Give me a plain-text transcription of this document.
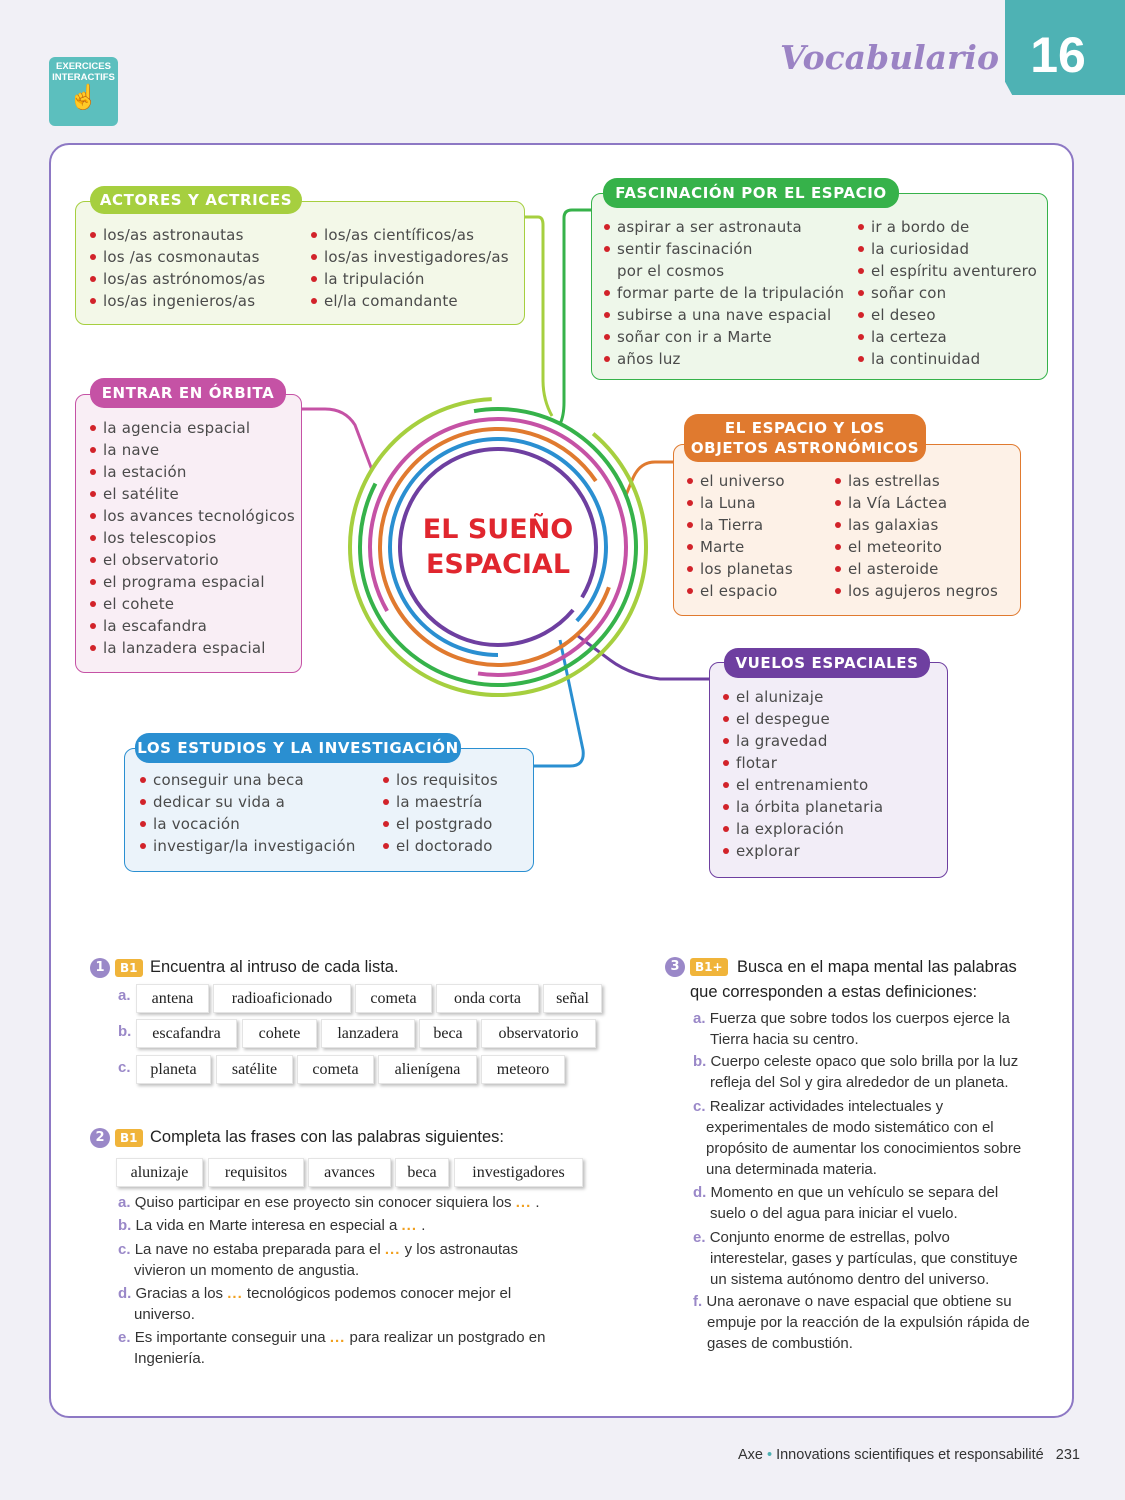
EXERCICES
INTERACTIFS
☝
Vocabulario 16
EL SUEÑO
ESPACIAL
ACTORES Y ACTRICES
los/as astronautas
los /as cosmonautas
los/as astrónomos/as
los/as ingenieros/as
los/as científicos/as
los/as investigadores/as
la tripulación
el/la comandante
FASCINACIÓN POR EL ESPACIO
aspirar a ser astronauta
sentir fascinación
por el cosmos
formar parte de la tripulación
subirse a una nave espacial
soñar con ir a Marte
años luz
ir a bordo de
la curiosidad
el espíritu aventurero
soñar con
el deseo
la certeza
la continuidad
ENTRAR EN ÓRBITA
la agencia espacial
la nave
la estación
el satélite
los avances tecnológicos
los telescopios
el observatorio
el programa espacial
el cohete
la escafandra
la lanzadera espacial
EL ESPACIO Y LOS
OBJETOS ASTRONÓMICOS
el universo
la Luna
la Tierra
Marte
los planetas
el espacio
las estrellas
la Vía Láctea
las galaxias
el meteorito
el asteroide
los agujeros negros
VUELOS ESPACIALES
el alunizaje
el despegue
la gravedad
flotar
el entrenamiento
la órbita planetaria
la exploración
explorar
LOS ESTUDIOS Y LA INVESTIGACIÓN
conseguir una beca
dedicar su vida a
la vocación
investigar/la investigación
los requisitos
la maestría
el postgrado
el doctorado
1	B1 Encuentra al intruso de cada lista.
a.	antena	radioaficionado	cometa	onda corta	señal
b.	escafandra	cohete	lanzadera	beca	observatorio
c.	planeta	satélite	cometa	alienígena	meteoro
2	B1 Completa las frases con las palabras siguientes:
alunizaje	requisitos	avances	beca	investigadores
a. Quiso participar en ese proyecto sin conocer siquiera los ... .
b. La vida en Marte interesa en especial a ... .
c. La nave no estaba preparada para el ... y los astronautas
vivieron un momento de angustia.
d. Gracias a los ... tecnológicos podemos conocer mejor el
universo.
e. Es importante conseguir una ... para realizar un postgrado en
Ingeniería.
3	B1+ Busca en el mapa mental las palabras
que corresponden a estas definiciones:
a. Fuerza que sobre todos los cuerpos ejerce la
Tierra hacia su centro.
b. Cuerpo celeste opaco que solo brilla por la luz
refleja del Sol y gira alrededor de un planeta.
c. Realizar actividades intelectuales y
experimentales de modo sistemático con el
propósito de aumentar los conocimientos sobre
una determinada materia.
d. Momento en que un vehículo se separa del
suelo o del agua para iniciar el vuelo.
e. Conjunto enorme de estrellas, polvo
interestelar, gases y partículas, que constituye
un sistema autónomo dentro del universo.
f. Una aeronave o nave espacial que obtiene su
empuje por la reacción de la expulsión rápida de
gases de combustión.
Axe • Innovations scientifiques et responsabilité 231
